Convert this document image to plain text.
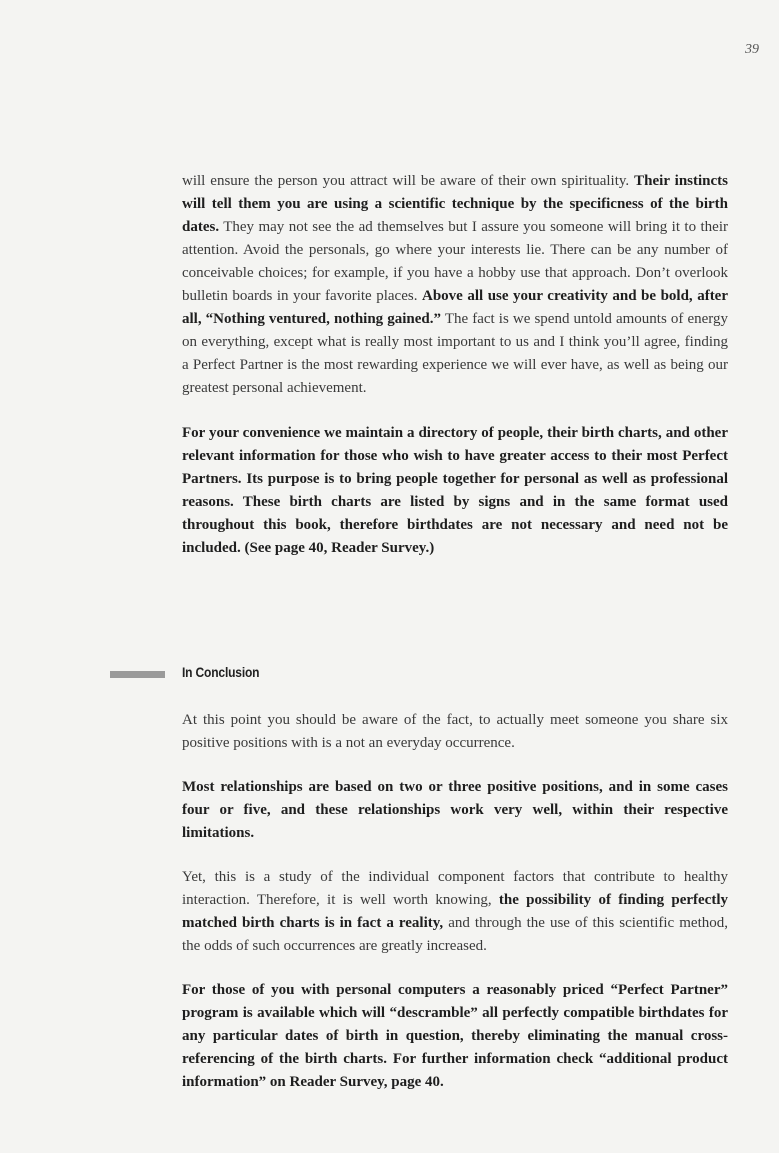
39

will ensure the person you attract will be aware of their own spirituality. Their instincts will tell them you are using a scientific technique by the specificness of the birth dates. They may not see the ad themselves but I assure you someone will bring it to their attention. Avoid the personals, go where your interests lie. There can be any number of conceivable choices; for example, if you have a hobby use that approach. Don’t overlook bulletin boards in your favorite places. Above all use your creativity and be bold, after all, “Nothing ventured, nothing gained.” The fact is we spend untold amounts of energy on everything, except what is really most important to us and I think you’ll agree, finding a Perfect Partner is the most rewarding experience we will ever have, as well as being our greatest personal achievement.

For your convenience we maintain a directory of people, their birth charts, and other relevant information for those who wish to have greater access to their most Perfect Partners. Its purpose is to bring people together for personal as well as professional reasons. These birth charts are listed by signs and in the same format used throughout this book, therefore birthdates are not necessary and need not be included. (See page 40, Reader Survey.)

In Conclusion

At this point you should be aware of the fact, to actually meet someone you share six positive positions with is a not an everyday occurrence.

Most relationships are based on two or three positive positions, and in some cases four or five, and these relationships work very well, within their respective limitations.

Yet, this is a study of the individual component factors that contribute to healthy interaction. Therefore, it is well worth knowing, the possibility of finding perfectly matched birth charts is in fact a reality, and through the use of this scientific method, the odds of such occurrences are greatly increased.

For those of you with personal computers a reasonably priced “Perfect Partner” program is available which will “descramble” all perfectly compatible birthdates for any particular dates of birth in question, thereby eliminating the manual cross-referencing of the birth charts. For further information check “additional product information” on Reader Survey, page 40.
